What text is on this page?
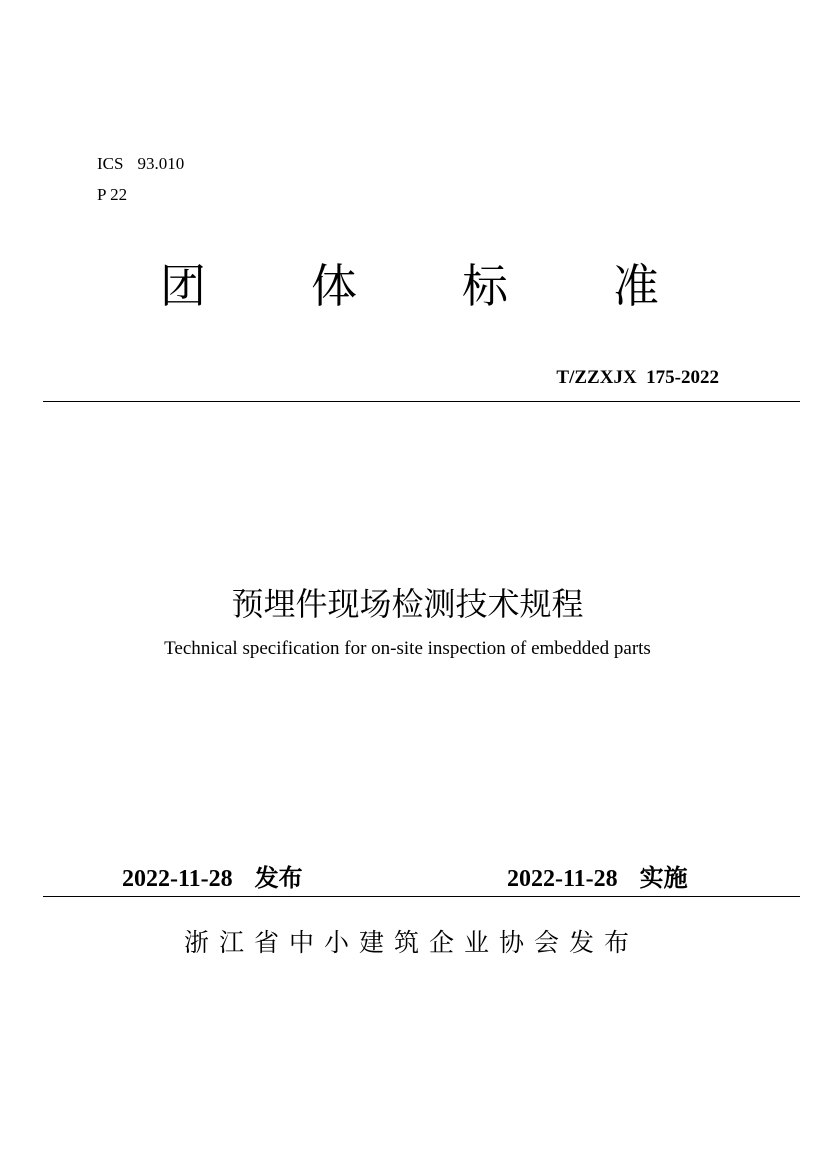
ICS 93.010
P 22
团 体 标 准
T/ZZXJX  175-2022
预埋件现场检测技术规程
Technical specification for on-site inspection of embedded parts
2022-11-28 发布	2022-11-28 实施
浙江省中小建筑企业协会发布
